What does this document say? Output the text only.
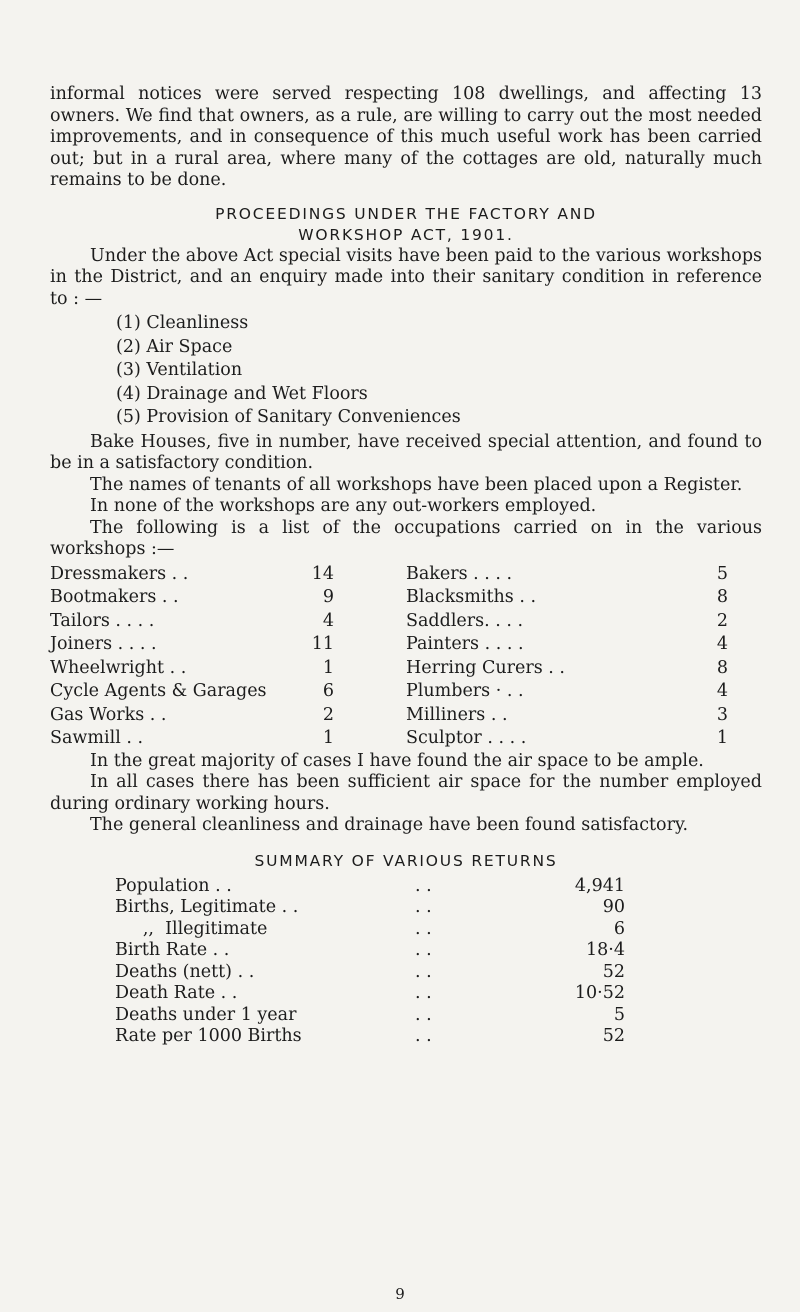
informal notices were served respecting 108 dwellings, and affecting 13 owners. We find that owners, as a rule, are willing to carry out the most needed improvements, and in consequence of this much useful work has been carried out; but in a rural area, where many of the cottages are old, naturally much remains to be done.

PROCEEDINGS UNDER THE FACTORY AND
WORKSHOP ACT, 1901.

Under the above Act special visits have been paid to the various workshops in the District, and an enquiry made into their sanitary condition in reference to : —

(1) Cleanliness
(2) Air Space
(3) Ventilation
(4) Drainage and Wet Floors
(5) Provision of Sanitary Conveniences

Bake Houses, five in number, have received special attention, and found to be in a satisfactory condition.

The names of tenants of all workshops have been placed upon a Register.

In none of the workshops are any out-workers employed.

The following is a list of the occupations carried on in the various workshops :—

Dressmakers . .	14
Bootmakers . .	9
Tailors . . . .	4
Joiners . . . .	11
Wheelwright . .	1
Cycle Agents & Garages	6
Gas Works . .	2
Sawmill . .	1
Bakers . . . .	5
Blacksmiths . .	8
Saddlers. . . .	2
Painters . . . .	4
Herring Curers . .	8
Plumbers · . .	4
Milliners . .	3
Sculptor . . . .	1

In the great majority of cases I have found the air space to be ample.

In all cases there has been sufficient air space for the number employed during ordinary working hours.

The general cleanliness and drainage have been found satisfactory.

SUMMARY OF VARIOUS RETURNS
Population . .	. .	4,941
Births, Legitimate . .	. .	90
,,  Illegitimate	. .	6
Birth Rate . .	. .	18·4
Deaths (nett) . .	. .	52
Death Rate . .	. .	10·52
Deaths under 1 year	. .	5
Rate per 1000 Births	. .	52
9
